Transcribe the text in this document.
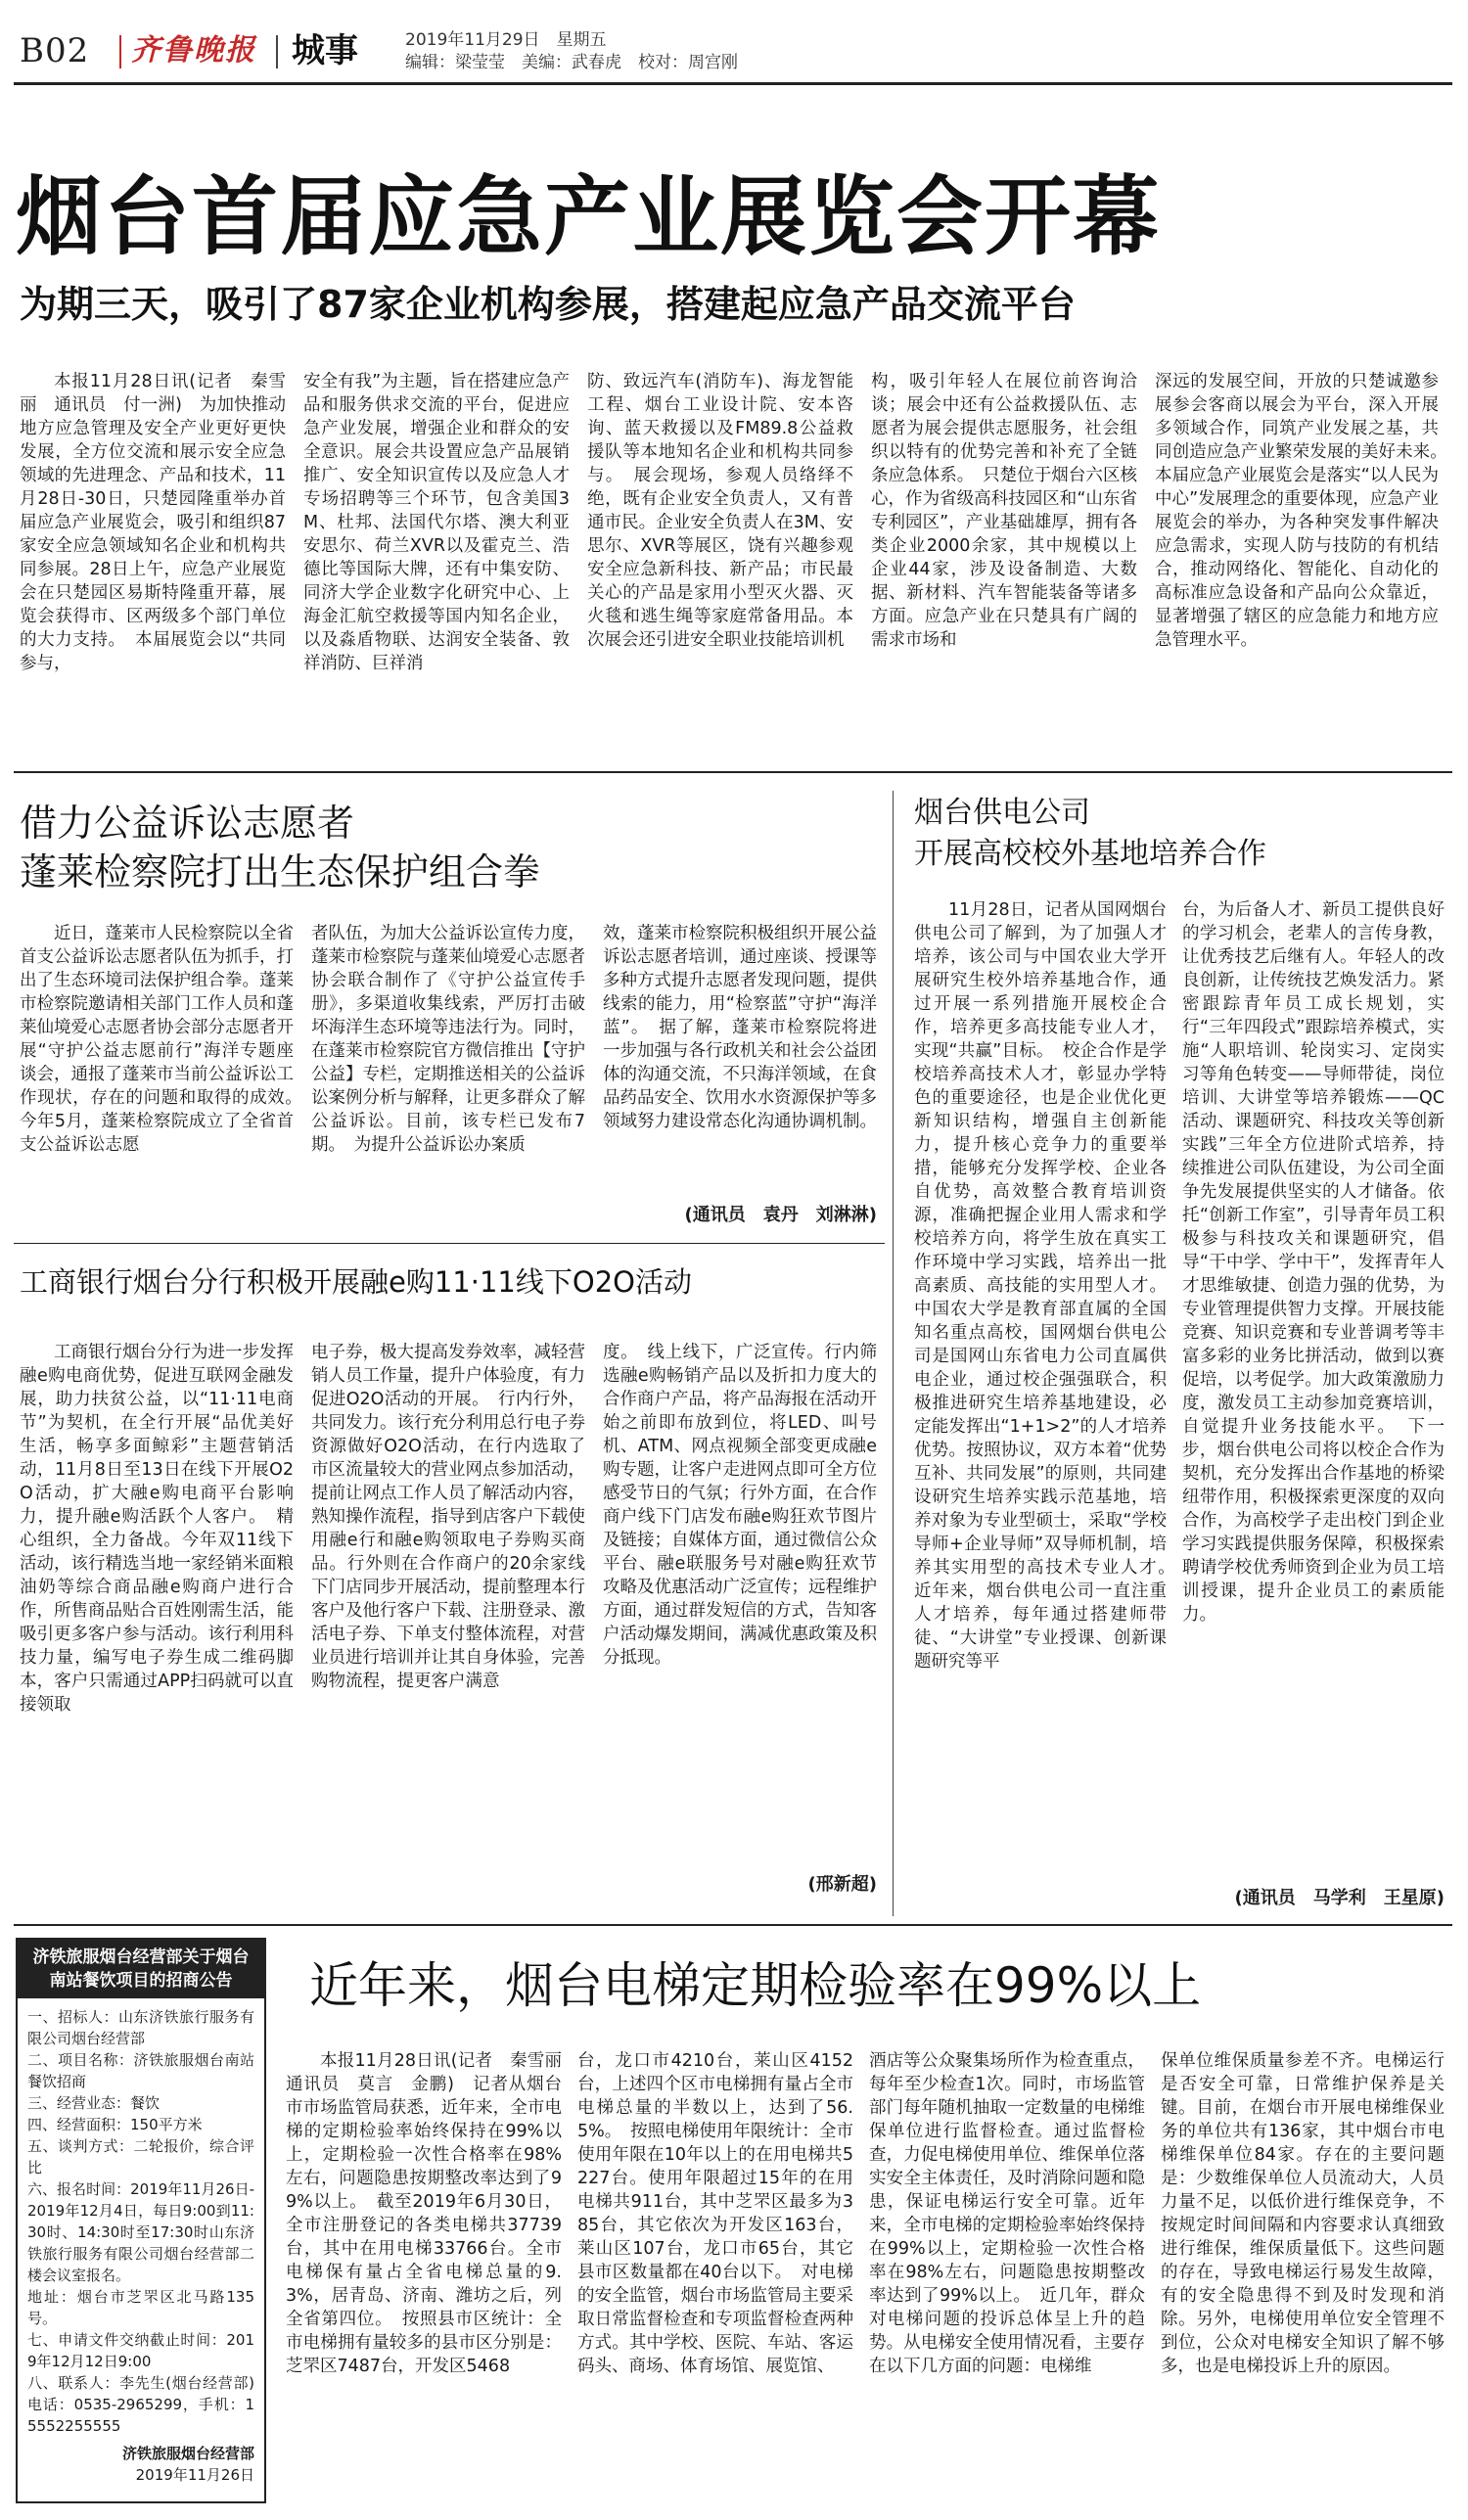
B02 齐鲁晚报 城事	2019年11月29日　星期五
编辑：梁莹莹　美编：武春虎　校对：周宫刚
烟台首届应急产业展览会开幕
为期三天，吸引了87家企业机构参展，搭建起应急产品交流平台

本报11月28日讯(记者　秦雪丽　通讯员　付一洲)　为加快推动地方应急管理及安全产业更好更快发展，全方位交流和展示安全应急领域的先进理念、产品和技术，11月28日-30日，只楚园隆重举办首届应急产业展览会，吸引和组织87家安全应急领域知名企业和机构共同参展。28日上午，应急产业展览会在只楚园区易斯特隆重开幕，展览会获得市、区两级多个部门单位的大力支持。　本届展览会以“共同参与，

安全有我”为主题，旨在搭建应急产品和服务供求交流的平台，促进应急产业发展，增强企业和群众的安全意识。展会共设置应急产品展销推广、安全知识宣传以及应急人才专场招聘等三个环节，包含美国3M、杜邦、法国代尔塔、澳大利亚安思尔、荷兰XVR以及霍克兰、浩德比等国际大牌，还有中集安防、同济大学企业数字化研究中心、上海金汇航空救援等国内知名企业，以及淼盾物联、达润安全装备、敦祥消防、巨祥消

防、致远汽车(消防车)、海龙智能工程、烟台工业设计院、安本咨询、蓝天救援以及FM89.8公益救援队等本地知名企业和机构共同参与。　展会现场，参观人员络绎不绝，既有企业安全负责人，又有普通市民。企业安全负责人在3M、安思尔、XVR等展区，饶有兴趣参观安全应急新科技、新产品；市民最关心的产品是家用小型灭火器、灭火毯和逃生绳等家庭常备用品。本次展会还引进安全职业技能培训机

构，吸引年轻人在展位前咨询洽谈；展会中还有公益救援队伍、志愿者为展会提供志愿服务，社会组织以特有的优势完善和补充了全链条应急体系。　只楚位于烟台六区核心，作为省级高科技园区和“山东省专利园区”，产业基础雄厚，拥有各类企业2000余家，其中规模以上企业44家，涉及设备制造、大数据、新材料、汽车智能装备等诸多方面。应急产业在只楚具有广阔的需求市场和

深远的发展空间，开放的只楚诚邀参展参会客商以展会为平台，深入开展多领域合作，同筑产业发展之基，共同创造应急产业繁荣发展的美好未来。　本届应急产业展览会是落实“以人民为中心”发展理念的重要体现，应急产业展览会的举办，为各种突发事件解决应急需求，实现人防与技防的有机结合，推动网络化、智能化、自动化的高标准应急设备和产品向公众靠近，显著增强了辖区的应急能力和地方应急管理水平。

借力公益诉讼志愿者
蓬莱检察院打出生态保护组合拳

近日，蓬莱市人民检察院以全省首支公益诉讼志愿者队伍为抓手，打出了生态环境司法保护组合拳。蓬莱市检察院邀请相关部门工作人员和蓬莱仙境爱心志愿者协会部分志愿者开展“守护公益志愿前行”海洋专题座谈会，通报了蓬莱市当前公益诉讼工作现状，存在的问题和取得的成效。　今年5月，蓬莱检察院成立了全省首支公益诉讼志愿

者队伍，为加大公益诉讼宣传力度，蓬莱市检察院与蓬莱仙境爱心志愿者协会联合制作了《守护公益宣传手册》，多渠道收集线索，严厉打击破坏海洋生态环境等违法行为。同时，在蓬莱市检察院官方微信推出【守护公益】专栏，定期推送相关的公益诉讼案例分析与解释，让更多群众了解公益诉讼。目前，该专栏已发布7期。　为提升公益诉讼办案质

效，蓬莱市检察院积极组织开展公益诉讼志愿者培训，通过座谈、授课等多种方式提升志愿者发现问题，提供线索的能力，用“检察蓝”守护“海洋蓝”。　据了解，蓬莱市检察院将进一步加强与各行政机关和社会公益团体的沟通交流，不只海洋领域，在食品药品安全、饮用水水资源保护等多领域努力建设常态化沟通协调机制。

(通讯员　袁丹　刘淋淋)
工商银行烟台分行积极开展融e购11·11线下O2O活动

工商银行烟台分行为进一步发挥融e购电商优势，促进互联网金融发展，助力扶贫公益，以“11·11电商节”为契机，在全行开展“品优美好生活，畅享多面鲸彩”主题营销活动，11月8日至13日在线下开展O2O活动，扩大融e购电商平台影响力，提升融e购活跃个人客户。　精心组织，全力备战。今年双11线下活动，该行精选当地一家经销米面粮油奶等综合商品融e购商户进行合作，所售商品贴合百姓刚需生活，能吸引更多客户参与活动。该行利用科技力量，编写电子券生成二维码脚本，客户只需通过APP扫码就可以直接领取

电子券，极大提高发券效率，减轻营销人员工作量，提升户体验度，有力促进O2O活动的开展。　行内行外，共同发力。该行充分利用总行电子券资源做好O2O活动，在行内选取了市区流量较大的营业网点参加活动，提前让网点工作人员了解活动内容，熟知操作流程，指导到店客户下载使用融e行和融e购领取电子券购买商品。行外则在合作商户的20余家线下门店同步开展活动，提前整理本行客户及他行客户下载、注册登录、激活电子券、下单支付整体流程，对营业员进行培训并让其自身体验，完善购物流程，提更客户满意

度。　线上线下，广泛宣传。行内筛选融e购畅销产品以及折扣力度大的合作商户产品，将产品海报在活动开始之前即布放到位，将LED、叫号机、ATM、网点视频全部变更成融e购专题，让客户走进网点即可全方位感受节日的气氛；行外方面，在合作商户线下门店发布融e购狂欢节图片及链接；自媒体方面，通过微信公众平台、融e联服务号对融e购狂欢节攻略及优惠活动广泛宣传；远程维护方面，通过群发短信的方式，告知客户活动爆发期间，满减优惠政策及积分抵现。

(邢新超)
烟台供电公司
开展高校校外基地培养合作

11月28日，记者从国网烟台供电公司了解到，为了加强人才培养，该公司与中国农业大学开展研究生校外培养基地合作，通过开展一系列措施开展校企合作，培养更多高技能专业人才，实现“共赢”目标。　校企合作是学校培养高技术人才，彰显办学特色的重要途径，也是企业优化更新知识结构，增强自主创新能力，提升核心竞争力的重要举措，能够充分发挥学校、企业各自优势，高效整合教育培训资源，准确把握企业用人需求和学校培养方向，将学生放在真实工作环境中学习实践，培养出一批高素质、高技能的实用型人才。中国农大学是教育部直属的全国知名重点高校，国网烟台供电公司是国网山东省电力公司直属供电企业，通过校企强强联合，积极推进研究生培养基地建设，必定能发挥出“1+1>2”的人才培养优势。按照协议，双方本着“优势互补、共同发展”的原则，共同建设研究生培养实践示范基地，培养对象为专业型硕士，采取“学校导师+企业导师”双导师机制，培养其实用型的高技术专业人才。　近年来，烟台供电公司一直注重人才培养，每年通过搭建师带徒、“大讲堂”专业授课、创新课题研究等平

台，为后备人才、新员工提供良好的学习机会，老辈人的言传身教，让优秀技艺后继有人。年轻人的改良创新，让传统技艺焕发活力。紧密跟踪青年员工成长规划，实行“三年四段式”跟踪培养模式，实施“人职培训、轮岗实习、定岗实习等角色转变——导师带徒，岗位培训、大讲堂等培养锻炼——QC活动、课题研究、科技攻关等创新实践”三年全方位进阶式培养，持续推进公司队伍建设，为公司全面争先发展提供坚实的人才储备。依托“创新工作室”，引导青年员工积极参与科技攻关和课题研究，倡导“干中学、学中干”，发挥青年人才思维敏捷、创造力强的优势，为专业管理提供智力支撑。开展技能竞赛、知识竞赛和专业普调考等丰富多彩的业务比拼活动，做到以赛促培，以考促学。加大政策激励力度，激发员工主动参加竞赛培训，自觉提升业务技能水平。　下一步，烟台供电公司将以校企合作为契机，充分发挥出合作基地的桥梁纽带作用，积极探索更深度的双向合作，为高校学子走出校门到企业学习实践提供服务保障，积极探索聘请学校优秀师资到企业为员工培训授课，提升企业员工的素质能力。

(通讯员　马学利　王星原)
济铁旅服烟台经营部关于烟台南站餐饮项目的招商公告
一、招标人：山东济铁旅行服务有限公司烟台经营部
二、项目名称：济铁旅服烟台南站餐饮招商
三、经营业态：餐饮
四、经营面积：150平方米
五、谈判方式：二轮报价，综合评比
六、报名时间：2019年11月26日-2019年12月4日，每日9:00到11:30时、14:30时至17:30时山东济铁旅行服务有限公司烟台经营部二楼会议室报名。
地址：烟台市芝罘区北马路135号。
七、申请文件交纳截止时间：2019年12月12日9:00
八、联系人：李先生(烟台经营部)　电话：0535-2965299，手机：15552255555
济铁旅服烟台经营部
2019年11月26日
近年来，烟台电梯定期检验率在99%以上

本报11月28日讯(记者　秦雪丽　通讯员　莫言　金鹏)　记者从烟台市市场监管局获悉，近年来，全市电梯的定期检验率始终保持在99%以上，定期检验一次性合格率在98%左右，问题隐患按期整改率达到了99%以上。　截至2019年6月30日，全市注册登记的各类电梯共37739台，其中在用电梯33766台。全市电梯保有量占全省电梯总量的9.3%，居青岛、济南、潍坊之后，列全省第四位。　按照县市区统计：全市电梯拥有量较多的县市区分别是：芝罘区7487台，开发区5468

台，龙口市4210台，莱山区4152台，上述四个区市电梯拥有量占全市电梯总量的半数以上，达到了56.5%。　按照电梯使用年限统计：全市使用年限在10年以上的在用电梯共5227台。使用年限超过15年的在用电梯共911台，其中芝罘区最多为385台，其它依次为开发区163台，莱山区107台，龙口市65台，其它县市区数量都在40台以下。　对电梯的安全监管，烟台市场监管局主要采取日常监督检查和专项监督检查两种方式。其中学校、医院、车站、客运码头、商场、体育场馆、展览馆、

酒店等公众聚集场所作为检查重点，每年至少检查1次。同时，市场监管部门每年随机抽取一定数量的电梯维保单位进行监督检查。通过监督检查，力促电梯使用单位、维保单位落实安全主体责任，及时消除问题和隐患，保证电梯运行安全可靠。近年来，全市电梯的定期检验率始终保持在99%以上，定期检验一次性合格率在98%左右，问题隐患按期整改率达到了99%以上。　近几年，群众对电梯问题的投诉总体呈上升的趋势。从电梯安全使用情况看，主要存在以下几方面的问题：电梯维

保单位维保质量参差不齐。电梯运行是否安全可靠，日常维护保养是关键。目前，在烟台市开展电梯维保业务的单位共有136家，其中烟台市电梯维保单位84家。存在的主要问题是：少数维保单位人员流动大，人员力量不足，以低价进行维保竞争，不按规定时间间隔和内容要求认真细致进行维保，维保质量低下。这些问题的存在，导致电梯运行易发生故障，有的安全隐患得不到及时发现和消除。另外，电梯使用单位安全管理不到位，公众对电梯安全知识了解不够多，也是电梯投诉上升的原因。
